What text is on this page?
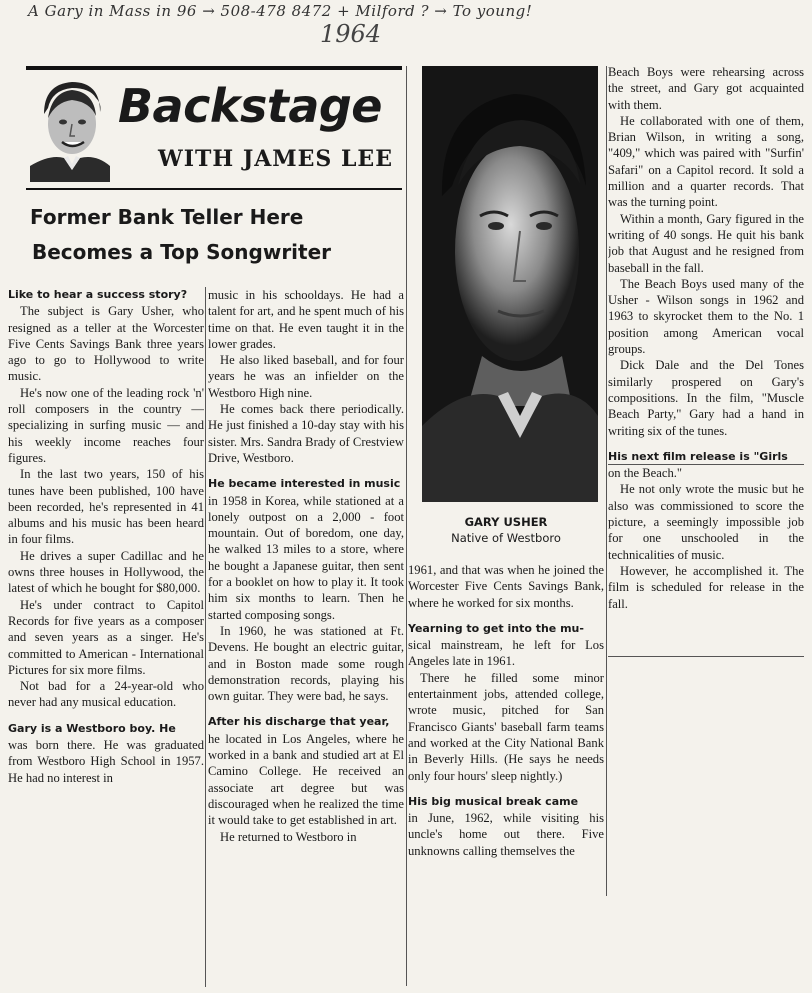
A Gary in Mass in 96 → 508-478 8472 + Milford ? → To young!
1964
Backstage
WITH JAMES LEE
Former Bank Teller Here
Becomes a Top Songwriter

Like to hear a success story?

The subject is Gary Usher, who resigned as a teller at the Worcester Five Cents Savings Bank three years ago to go to Hollywood to write music.

He's now one of the leading rock 'n' roll composers in the country — specializing in surfing music — and his weekly income reaches four figures.

In the last two years, 150 of his tunes have been published, 100 have been recorded, he's represented in 41 albums and his music has been heard in four films.

He drives a super Cadillac and he owns three houses in Hollywood, the latest of which he bought for $80,000.

He's under contract to Capitol Records for five years as a composer and seven years as a singer. He's committed to American - International Pictures for six more films.

Not bad for a 24-year-old who never had any musical education.

Gary is a Westboro boy. He

was born there. He was graduated from Westboro High School in 1957. He had no interest in

music in his schooldays. He had a talent for art, and he spent much of his time on that. He even taught it in the lower grades.

He also liked baseball, and for four years he was an infielder on the Westboro High nine.

He comes back there periodically. He just finished a 10-day stay with his sister. Mrs. Sandra Brady of Crestview Drive, Westboro.

He became interested in music

in 1958 in Korea, while stationed at a lonely outpost on a 2,000 - foot mountain. Out of boredom, one day, he walked 13 miles to a store, where he bought a Japanese guitar, then sent for a booklet on how to play it. It took him six months to learn. Then he started composing songs.

In 1960, he was stationed at Ft. Devens. He bought an electric guitar, and in Boston made some rough demonstration records, playing his own guitar. They were bad, he says.

After his discharge that year,

he located in Los Angeles, where he worked in a bank and studied art at El Camino College. He received an associate art degree but was discouraged when he realized the time it would take to get established in art.

He returned to Westboro in

1961, and that was when he joined the Worcester Five Cents Savings Bank, where he worked for six months.

Yearning to get into the mu-

sical mainstream, he left for Los Angeles late in 1961.

There he filled some minor entertainment jobs, attended college, wrote music, pitched for San Francisco Giants' baseball farm teams and worked at the City National Bank in Beverly Hills. (He says he needs only four hours' sleep nightly.)

His big musical break came

in June, 1962, while visiting his uncle's home out there. Five unknowns calling themselves the

Beach Boys were rehearsing across the street, and Gary got acquainted with them.

He collaborated with one of them, Brian Wilson, in writing a song, "409," which was paired with "Surfin' Safari" on a Capitol record. It sold a million and a quarter records. That was the turning point.

Within a month, Gary figured in the writing of 40 songs. He quit his bank job that August and he resigned from baseball in the fall.

The Beach Boys used many of the Usher - Wilson songs in 1962 and 1963 to skyrocket them to the No. 1 position among American vocal groups.

Dick Dale and the Del Tones similarly prospered on Gary's compositions. In the film, "Muscle Beach Party," Gary had a hand in writing six of the tunes.

His next film release is "Girls

on the Beach."

He not only wrote the music but he also was commissioned to score the picture, a seemingly impossible job for one unschooled in the technicalities of music.

However, he accomplished it. The film is scheduled for release in the fall.

GARY USHER
Native of Westboro
